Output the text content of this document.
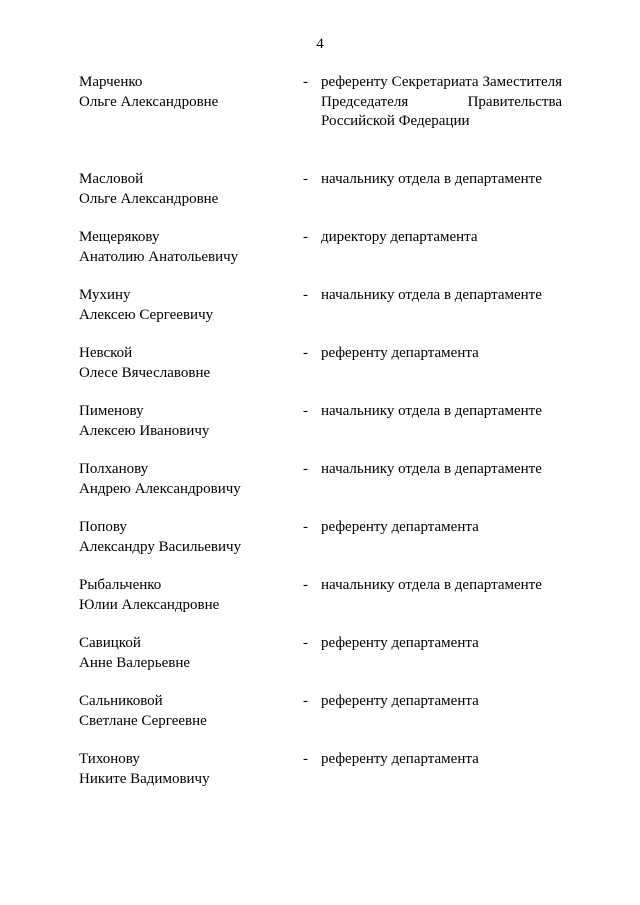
4
Марченко
Ольге Александровне
- референту Секретариата Заместителя Председателя Правительства Российской Федерации
Масловой
Ольге Александровне
- начальнику отдела в департаменте
Мещерякову
Анатолию Анатольевичу
- директору департамента
Мухину
Алексею Сергеевичу
- начальнику отдела в департаменте
Невской
Олесе Вячеславовне
- референту департамента
Пименову
Алексею Ивановичу
- начальнику отдела в департаменте
Полханову
Андрею Александровичу
- начальнику отдела в департаменте
Попову
Александру Васильевичу
- референту департамента
Рыбальченко
Юлии Александровне
- начальнику отдела в департаменте
Савицкой
Анне Валерьевне
- референту департамента
Сальниковой
Светлане Сергеевне
- референту департамента
Тихонову
Никите Вадимовичу
- референту департамента
